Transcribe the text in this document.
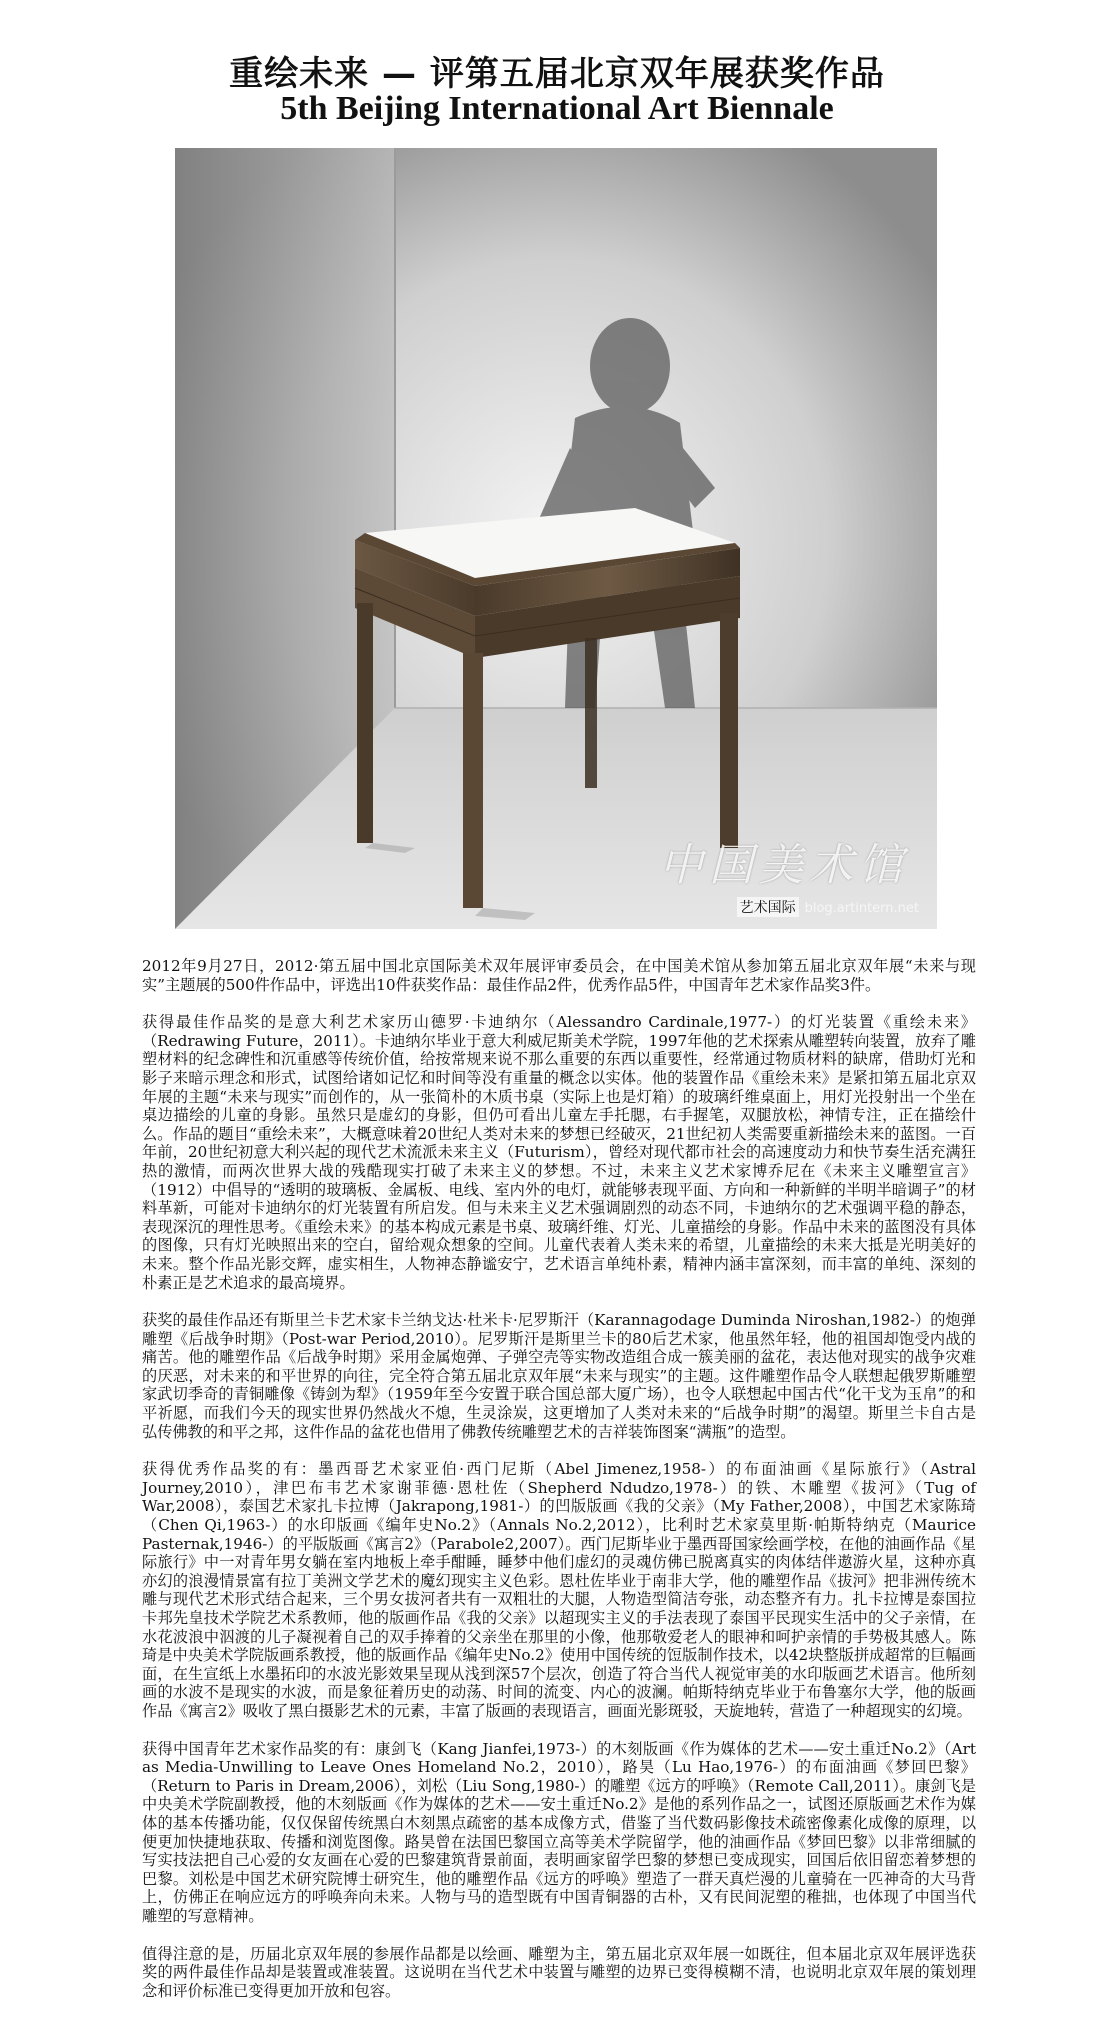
重绘未来 — 评第五届北京双年展获奖作品
5th Beijing International Art Biennale
中国美术馆
艺术国际 blog.artintern.net

2012年9月27日，2012·第五届中国北京国际美术双年展评审委员会，在中国美术馆从参加第五届北京双年展“未来与现实”主题展的500件作品中，评选出10件获奖作品：最佳作品2件，优秀作品5件，中国青年艺术家作品奖3件。

获得最佳作品奖的是意大利艺术家历山德罗·卡迪纳尔（Alessandro Cardinale,1977-）的灯光装置《重绘未来》（Redrawing Future，2011）。卡迪纳尔毕业于意大利威尼斯美术学院，1997年他的艺术探索从雕塑转向装置，放弃了雕塑材料的纪念碑性和沉重感等传统价值，给按常规来说不那么重要的东西以重要性，经常通过物质材料的缺席，借助灯光和影子来暗示理念和形式，试图给诸如记忆和时间等没有重量的概念以实体。他的装置作品《重绘未来》是紧扣第五届北京双年展的主题“未来与现实”而创作的，从一张简朴的木质书桌（实际上也是灯箱）的玻璃纤维桌面上，用灯光投射出一个坐在桌边描绘的儿童的身影。虽然只是虚幻的身影，但仍可看出儿童左手托腮，右手握笔，双腿放松，神情专注，正在描绘什么。作品的题目“重绘未来”，大概意味着20世纪人类对未来的梦想已经破灭，21世纪初人类需要重新描绘未来的蓝图。一百年前，20世纪初意大利兴起的现代艺术流派未来主义（Futurism），曾经对现代都市社会的高速度动力和快节奏生活充满狂热的激情，而两次世界大战的残酷现实打破了未来主义的梦想。不过，未来主义艺术家博乔尼在《未来主义雕塑宣言》（1912）中倡导的“透明的玻璃板、金属板、电线、室内外的电灯，就能够表现平面、方向和一种新鲜的半明半暗调子”的材料革新，可能对卡迪纳尔的灯光装置有所启发。但与未来主义艺术强调剧烈的动态不同，卡迪纳尔的艺术强调平稳的静态，表现深沉的理性思考。《重绘未来》的基本构成元素是书桌、玻璃纤维、灯光、儿童描绘的身影。作品中未来的蓝图没有具体的图像，只有灯光映照出来的空白，留给观众想象的空间。儿童代表着人类未来的希望，儿童描绘的未来大抵是光明美好的未来。整个作品光影交辉，虚实相生，人物神态静谧安宁，艺术语言单纯朴素，精神内涵丰富深刻，而丰富的单纯、深刻的朴素正是艺术追求的最高境界。

获奖的最佳作品还有斯里兰卡艺术家卡兰纳戈达·杜米卡·尼罗斯汗（Karannagodage Duminda Niroshan,1982-）的炮弹雕塑《后战争时期》（Post-war Period,2010）。尼罗斯汗是斯里兰卡的80后艺术家，他虽然年轻，他的祖国却饱受内战的痛苦。他的雕塑作品《后战争时期》采用金属炮弹、子弹空壳等实物改造组合成一簇美丽的盆花，表达他对现实的战争灾难的厌恶，对未来的和平世界的向往，完全符合第五届北京双年展“未来与现实”的主题。这件雕塑作品令人联想起俄罗斯雕塑家武切季奇的青铜雕像《铸剑为犁》（1959年至今安置于联合国总部大厦广场），也令人联想起中国古代“化干戈为玉帛”的和平祈愿，而我们今天的现实世界仍然战火不熄，生灵涂炭，这更增加了人类对未来的“后战争时期”的渴望。斯里兰卡自古是弘传佛教的和平之邦，这件作品的盆花也借用了佛教传统雕塑艺术的吉祥装饰图案“满瓶”的造型。

获得优秀作品奖的有：墨西哥艺术家亚伯·西门尼斯（Abel Jimenez,1958-）的布面油画《星际旅行》（Astral Journey,2010），津巴布韦艺术家谢菲德·恩杜佐（Shepherd Ndudzo,1978-）的铁、木雕塑《拔河》（Tug of War,2008），泰国艺术家扎卡拉博（Jakrapong,1981-）的凹版版画《我的父亲》（My Father,2008），中国艺术家陈琦（Chen Qi,1963-）的水印版画《编年史No.2》（Annals No.2,2012），比利时艺术家莫里斯·帕斯特纳克（Maurice Pasternak,1946-）的平版版画《寓言2》（Parabole2,2007）。西门尼斯毕业于墨西哥国家绘画学校，在他的油画作品《星际旅行》中一对青年男女躺在室内地板上牵手酣睡，睡梦中他们虚幻的灵魂仿佛已脱离真实的肉体结伴遨游火星，这种亦真亦幻的浪漫情景富有拉丁美洲文学艺术的魔幻现实主义色彩。恩杜佐毕业于南非大学，他的雕塑作品《拔河》把非洲传统木雕与现代艺术形式结合起来，三个男女拔河者共有一双粗壮的大腿，人物造型简洁夸张，动态整齐有力。扎卡拉博是泰国拉卡邦先皇技术学院艺术系教师，他的版画作品《我的父亲》以超现实主义的手法表现了泰国平民现实生活中的父子亲情，在水花波浪中泅渡的儿子凝视着自己的双手捧着的父亲坐在那里的小像，他那敬爱老人的眼神和呵护亲情的手势极其感人。陈琦是中央美术学院版画系教授，他的版画作品《编年史No.2》使用中国传统的饾版制作技术，以42块整版拼成超常的巨幅画面，在生宣纸上水墨拓印的水波光影效果呈现从浅到深57个层次，创造了符合当代人视觉审美的水印版画艺术语言。他所刻画的水波不是现实的水波，而是象征着历史的动荡、时间的流变、内心的波澜。帕斯特纳克毕业于布鲁塞尔大学，他的版画作品《寓言2》吸收了黑白摄影艺术的元素，丰富了版画的表现语言，画面光影斑驳，天旋地转，营造了一种超现实的幻境。

获得中国青年艺术家作品奖的有：康剑飞（Kang Jianfei,1973-）的木刻版画《作为媒体的艺术——安土重迁No.2》（Art as Media-Unwilling to Leave Ones Homeland No.2，2010），路昊（Lu Hao,1976-）的布面油画《梦回巴黎》（Return to Paris in Dream,2006），刘松（Liu Song,1980-）的雕塑《远方的呼唤》（Remote Call,2011）。康剑飞是中央美术学院副教授，他的木刻版画《作为媒体的艺术——安土重迁No.2》是他的系列作品之一，试图还原版画艺术作为媒体的基本传播功能，仅仅保留传统黑白木刻黑点疏密的基本成像方式，借鉴了当代数码影像技术疏密像素化成像的原理，以便更加快捷地获取、传播和浏览图像。路昊曾在法国巴黎国立高等美术学院留学，他的油画作品《梦回巴黎》以非常细腻的写实技法把自己心爱的女友画在心爱的巴黎建筑背景前面，表明画家留学巴黎的梦想已变成现实，回国后依旧留恋着梦想的巴黎。刘松是中国艺术研究院博士研究生，他的雕塑作品《远方的呼唤》塑造了一群天真烂漫的儿童骑在一匹神奇的大马背上，仿佛正在响应远方的呼唤奔向未来。人物与马的造型既有中国青铜器的古朴，又有民间泥塑的稚拙，也体现了中国当代雕塑的写意精神。

值得注意的是，历届北京双年展的参展作品都是以绘画、雕塑为主，第五届北京双年展一如既往，但本届北京双年展评选获奖的两件最佳作品却是装置或准装置。这说明在当代艺术中装置与雕塑的边界已变得模糊不清，也说明北京双年展的策划理念和评价标准已变得更加开放和包容。
